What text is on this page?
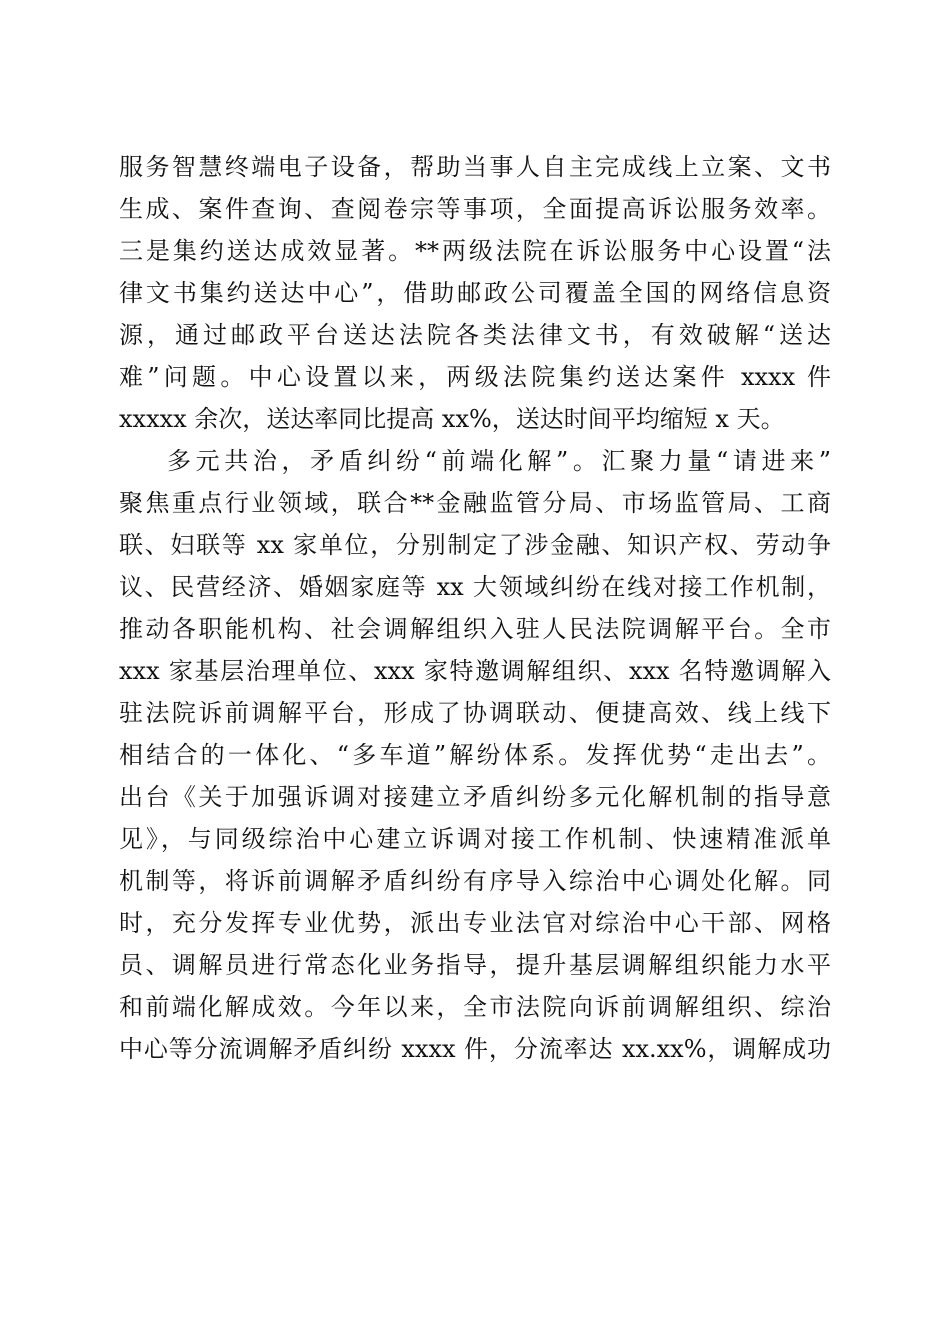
服务智慧终端电子设备，帮助当事人自主完成线上立案、文书
生成、案件查询、查阅卷宗等事项，全面提高诉讼服务效率。
三是集约送达成效显著。**两级法院在诉讼服务中心设置“法
律文书集约送达中心”，借助邮政公司覆盖全国的网络信息资
源，通过邮政平台送达法院各类法律文书，有效破解“送达
难”问题。中心设置以来，两级法院集约送达案件 xxxx 件
xxxxx 余次，送达率同比提高 xx%，送达时间平均缩短 x 天。
多元共治，矛盾纠纷“前端化解”。汇聚力量“请进来”
聚焦重点行业领域，联合**金融监管分局、市场监管局、工商
联、妇联等 xx 家单位，分别制定了涉金融、知识产权、劳动争
议、民营经济、婚姻家庭等 xx 大领域纠纷在线对接工作机制，
推动各职能机构、社会调解组织入驻人民法院调解平台。全市
xxx 家基层治理单位、xxx 家特邀调解组织、xxx 名特邀调解入
驻法院诉前调解平台，形成了协调联动、便捷高效、线上线下
相结合的一体化、“多车道”解纷体系。发挥优势“走出去”。
出台《关于加强诉调对接建立矛盾纠纷多元化解机制的指导意
见》，与同级综治中心建立诉调对接工作机制、快速精准派单
机制等，将诉前调解矛盾纠纷有序导入综治中心调处化解。同
时，充分发挥专业优势，派出专业法官对综治中心干部、网格
员、调解员进行常态化业务指导，提升基层调解组织能力水平
和前端化解成效。今年以来，全市法院向诉前调解组织、综治
中心等分流调解矛盾纠纷 xxxx 件，分流率达 xx.xx%，调解成功
